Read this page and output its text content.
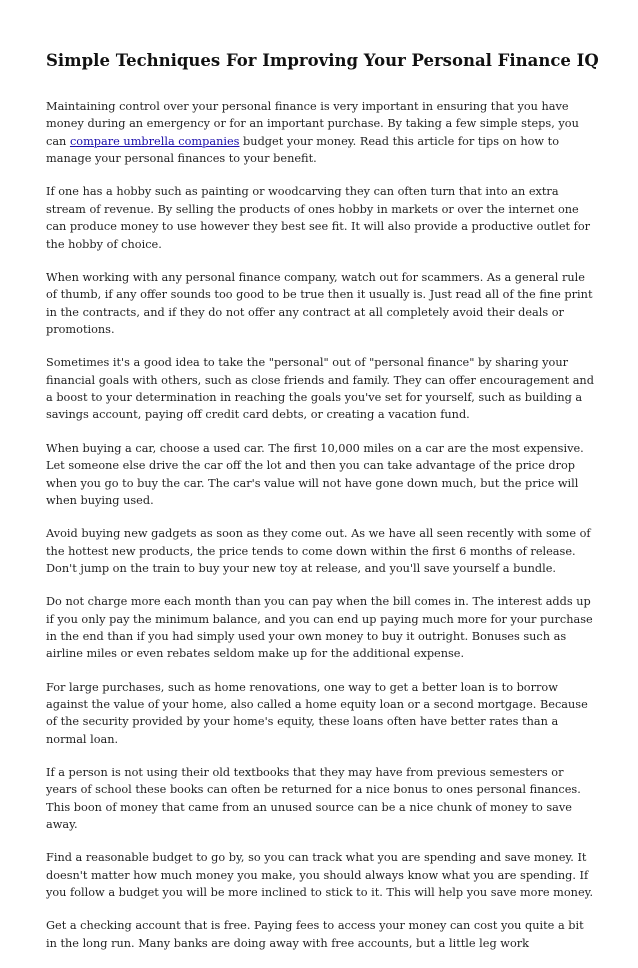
Simple Techniques For Improving Your Personal Finance IQ

Maintaining control over your personal finance is very important in ensuring that you have money during an emergency or for an important purchase. By taking a few simple steps, you can compare umbrella companies budget your money. Read this article for tips on how to manage your personal finances to your benefit.

If one has a hobby such as painting or woodcarving they can often turn that into an extra stream of revenue. By selling the products of ones hobby in markets or over the internet one can produce money to use however they best see fit. It will also provide a productive outlet for the hobby of choice.

When working with any personal finance company, watch out for scammers. As a general rule of thumb, if any offer sounds too good to be true then it usually is. Just read all of the fine print in the contracts, and if they do not offer any contract at all completely avoid their deals or promotions.

Sometimes it's a good idea to take the "personal" out of "personal finance" by sharing your financial goals with others, such as close friends and family. They can offer encouragement and a boost to your determination in reaching the goals you've set for yourself, such as building a savings account, paying off credit card debts, or creating a vacation fund.

When buying a car, choose a used car. The first 10,000 miles on a car are the most expensive. Let someone else drive the car off the lot and then you can take advantage of the price drop when you go to buy the car. The car's value will not have gone down much, but the price will when buying used.

Avoid buying new gadgets as soon as they come out. As we have all seen recently with some of the hottest new products, the price tends to come down within the first 6 months of release. Don't jump on the train to buy your new toy at release, and you'll save yourself a bundle.

Do not charge more each month than you can pay when the bill comes in. The interest adds up if you only pay the minimum balance, and you can end up paying much more for your purchase in the end than if you had simply used your own money to buy it outright. Bonuses such as airline miles or even rebates seldom make up for the additional expense.

For large purchases, such as home renovations, one way to get a better loan is to borrow against the value of your home, also called a home equity loan or a second mortgage. Because of the security provided by your home's equity, these loans often have better rates than a normal loan.

If a person is not using their old textbooks that they may have from previous semesters or years of school these books can often be returned for a nice bonus to ones personal finances. This boon of money that came from an unused source can be a nice chunk of money to save away.

Find a reasonable budget to go by, so you can track what you are spending and save money. It doesn't matter how much money you make, you should always know what you are spending. If you follow a budget you will be more inclined to stick to it. This will help you save more money.

Get a checking account that is free. Paying fees to access your money can cost you quite a bit in the long run. Many banks are doing away with free accounts, but a little leg work
